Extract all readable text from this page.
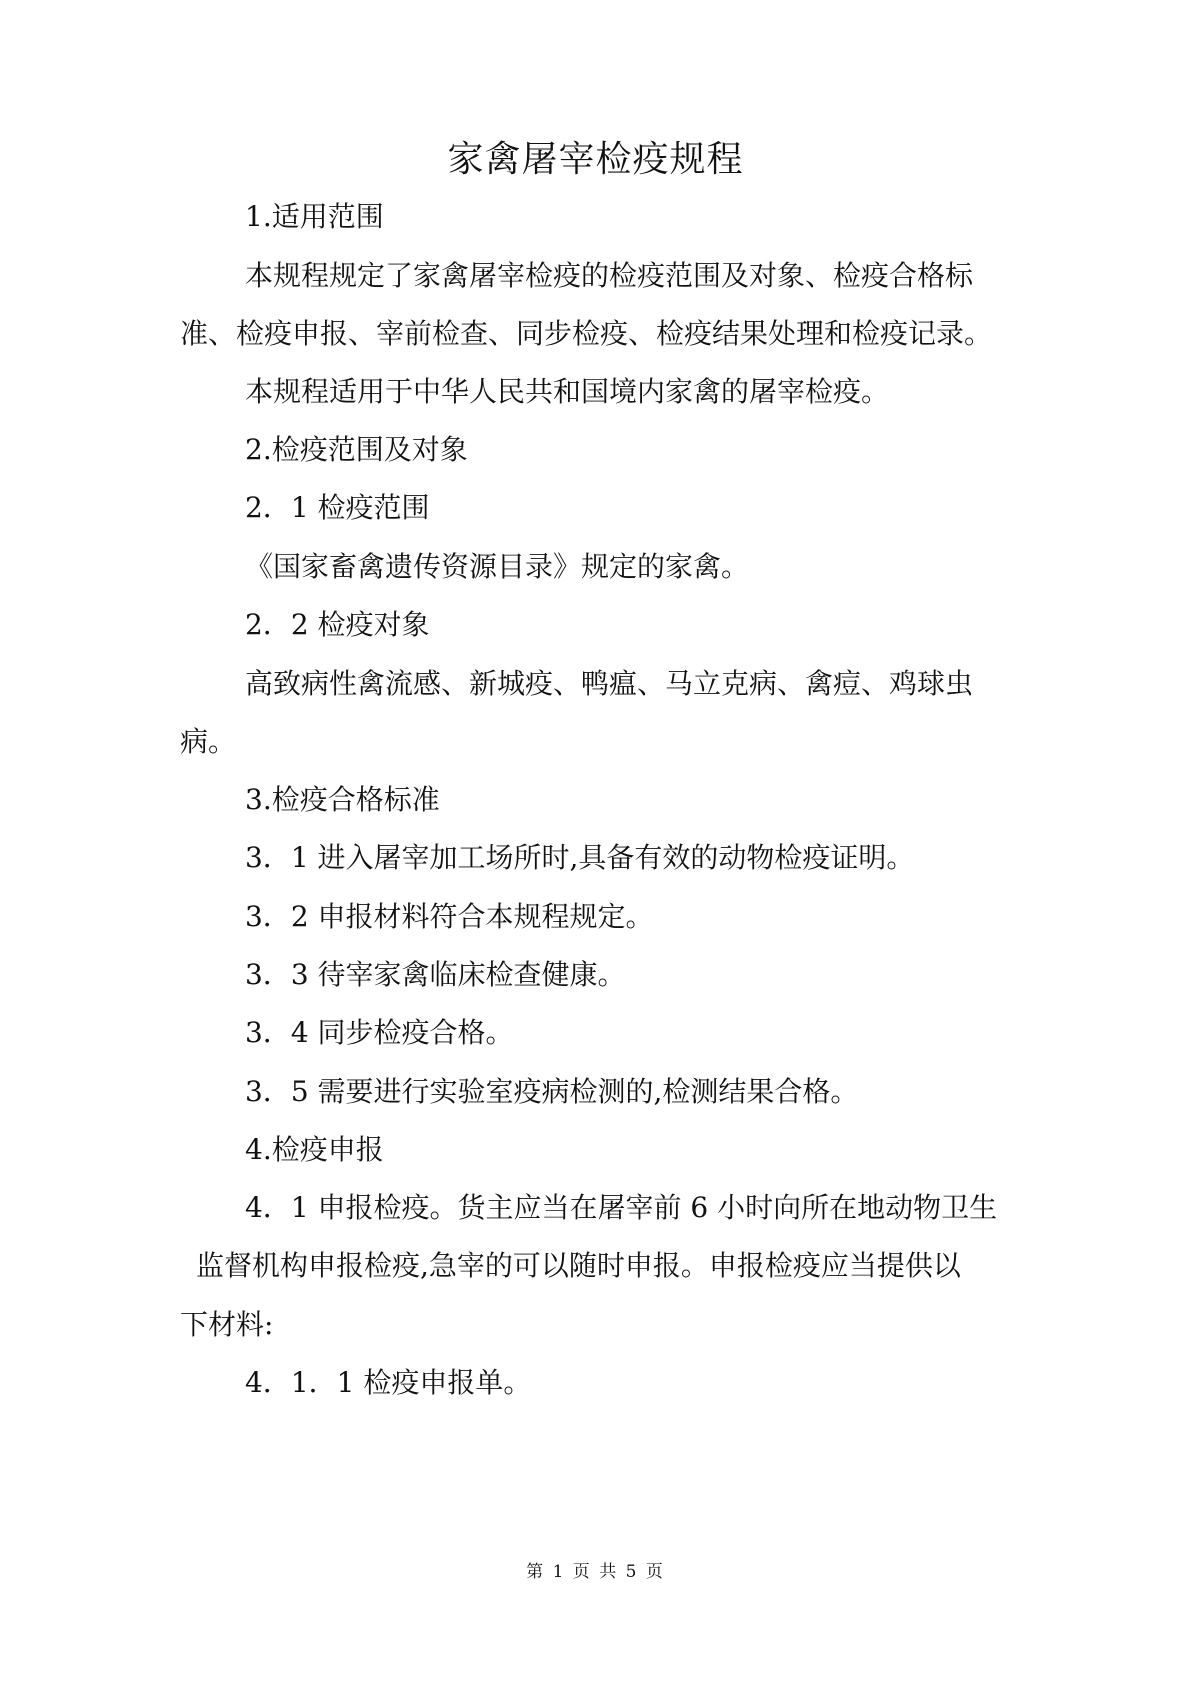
家禽屠宰检疫规程
1.适用范围
本规程规定了家禽屠宰检疫的检疫范围及对象、检疫合格标
准、检疫申报、宰前检查、同步检疫、检疫结果处理和检疫记录。
本规程适用于中华人民共和国境内家禽的屠宰检疫。
2.检疫范围及对象
2．1 检疫范围
《国家畜禽遗传资源目录》规定的家禽。
2．2 检疫对象
高致病性禽流感、新城疫、鸭瘟、马立克病、禽痘、鸡球虫
病。
3.检疫合格标准
3．1 进入屠宰加工场所时,具备有效的动物检疫证明。
3．2 申报材料符合本规程规定。
3．3 待宰家禽临床检查健康。
3．4 同步检疫合格。
3．5 需要进行实验室疫病检测的,检测结果合格。
4.检疫申报
4．1 申报检疫。货主应当在屠宰前 6 小时向所在地动物卫生
监督机构申报检疫,急宰的可以随时申报。申报检疫应当提供以
下材料:
4．1．1 检疫申报单。
第 1 页 共 5 页
